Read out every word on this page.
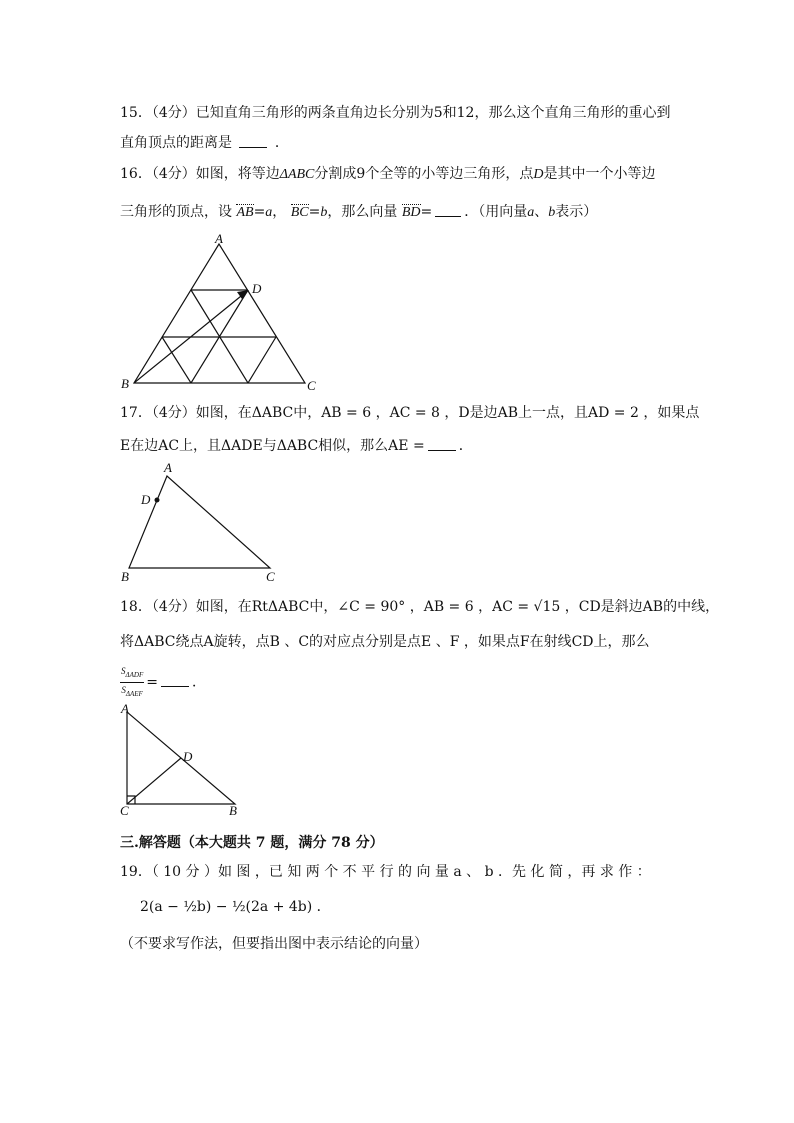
15．（4分）已知直角三角形的两条直角边长分别为5和12，那么这个直角三角形的重心到
直角顶点的距离是	．
16．（4分）如图，将等边ΔABC分割成9个全等的小等边三角形，点D是其中一个小等边
三角形的顶点，设 AB=a， BC=b，那么向量 BD= ．（用向量a、b表示）
A
B	C
D
17．（4分）如图，在ΔABC中，AB = 6 ，AC = 8 ，D是边AB上一点，且AD = 2 ，如果点
E在边AC上，且ΔADE与ΔABC相似，那么AE = ．
A
D
B	C
18．（4分）如图，在RtΔABC中，∠C = 90° ，AB = 6 ，AC = √15 ，CD是斜边AB的中线，
将ΔABC绕点A旋转，点B 、C的对应点分别是点E 、F ，如果点F在射线CD上，那么
$\frac{S_{\Delta ADF}}{S_{\Delta AEF}}$ = ．
A
D
C	B
三.解答题（本大题共 7 题，满分 78 分）
19．（ 10 分 ）如 图 ，已 知 两 个 不 平 行 的 向 量 a 、 b ．先 化 简 ，再 求 作 ：
2(a − ½b) − ½(2a + 4b) ．
（不要求写作法，但要指出图中表示结论的向量）
